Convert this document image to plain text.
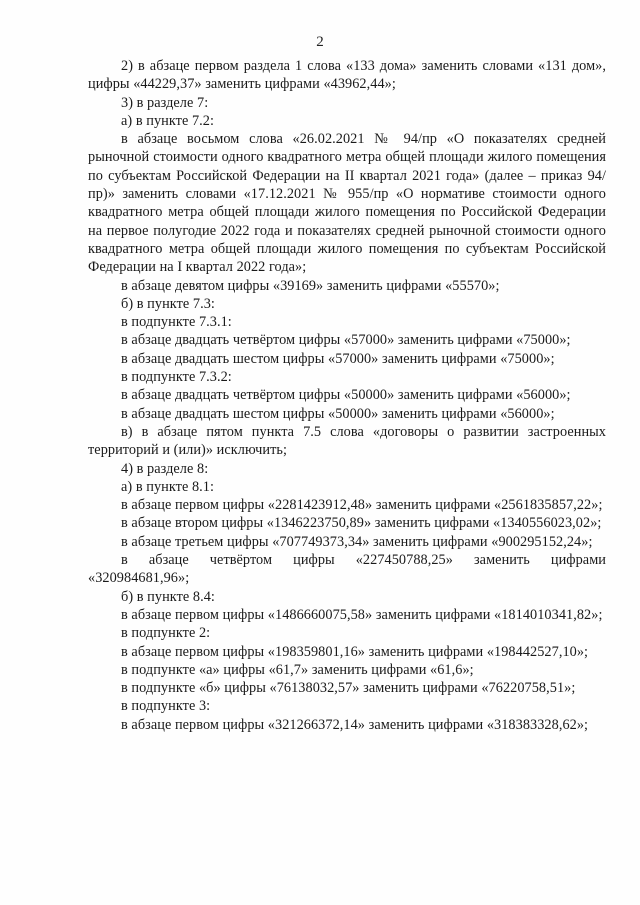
2

2) в абзаце первом раздела 1 слова «133 дома» заменить словами «131 дом», цифры «44229,37» заменить цифрами «43962,44»;

3) в разделе 7:

а) в пункте 7.2:

в абзаце восьмом слова «26.02.2021 № 94/пр «О показателях средней рыночной стоимости одного квадратного метра общей площади жилого помещения по субъектам Российской Федерации на II квартал 2021 года» (далее – приказ 94/пр)» заменить словами «17.12.2021 № 955/пр «О нормативе стоимости одного квадратного метра общей площади жилого помещения по Российской Федерации на первое полугодие 2022 года и показателях средней рыночной стоимости одного квадратного метра общей площади жилого помещения по субъектам Российской Федерации на I квартал 2022 года»;

в абзаце девятом цифры «39169» заменить цифрами «55570»;

б) в пункте 7.3:

в подпункте 7.3.1:

в абзаце двадцать четвёртом цифры «57000» заменить цифрами «75000»;

в абзаце двадцать шестом цифры «57000» заменить цифрами «75000»;

в подпункте 7.3.2:

в абзаце двадцать четвёртом цифры «50000» заменить цифрами «56000»;

в абзаце двадцать шестом цифры «50000» заменить цифрами «56000»;

в) в абзаце пятом пункта 7.5 слова «договоры о развитии застроенных территорий и (или)» исключить;

4) в разделе 8:

а) в пункте 8.1:

в абзаце первом цифры «2281423912,48» заменить цифрами «2561835857,22»;

в абзаце втором цифры «1346223750,89» заменить цифрами «1340556023,02»;

в абзаце третьем цифры «707749373,34» заменить цифрами «900295152,24»;

в абзаце четвёртом цифры «227450788,25» заменить цифрами «320984681,96»;

б) в пункте 8.4:

в абзаце первом цифры «1486660075,58» заменить цифрами «1814010341,82»;

в подпункте 2:

в абзаце первом цифры «198359801,16» заменить цифрами «198442527,10»;

в подпункте «а» цифры «61,7» заменить цифрами «61,6»;

в подпункте «б» цифры «76138032,57» заменить цифрами «76220758,51»;

в подпункте 3:

в абзаце первом цифры «321266372,14» заменить цифрами «318383328,62»;
